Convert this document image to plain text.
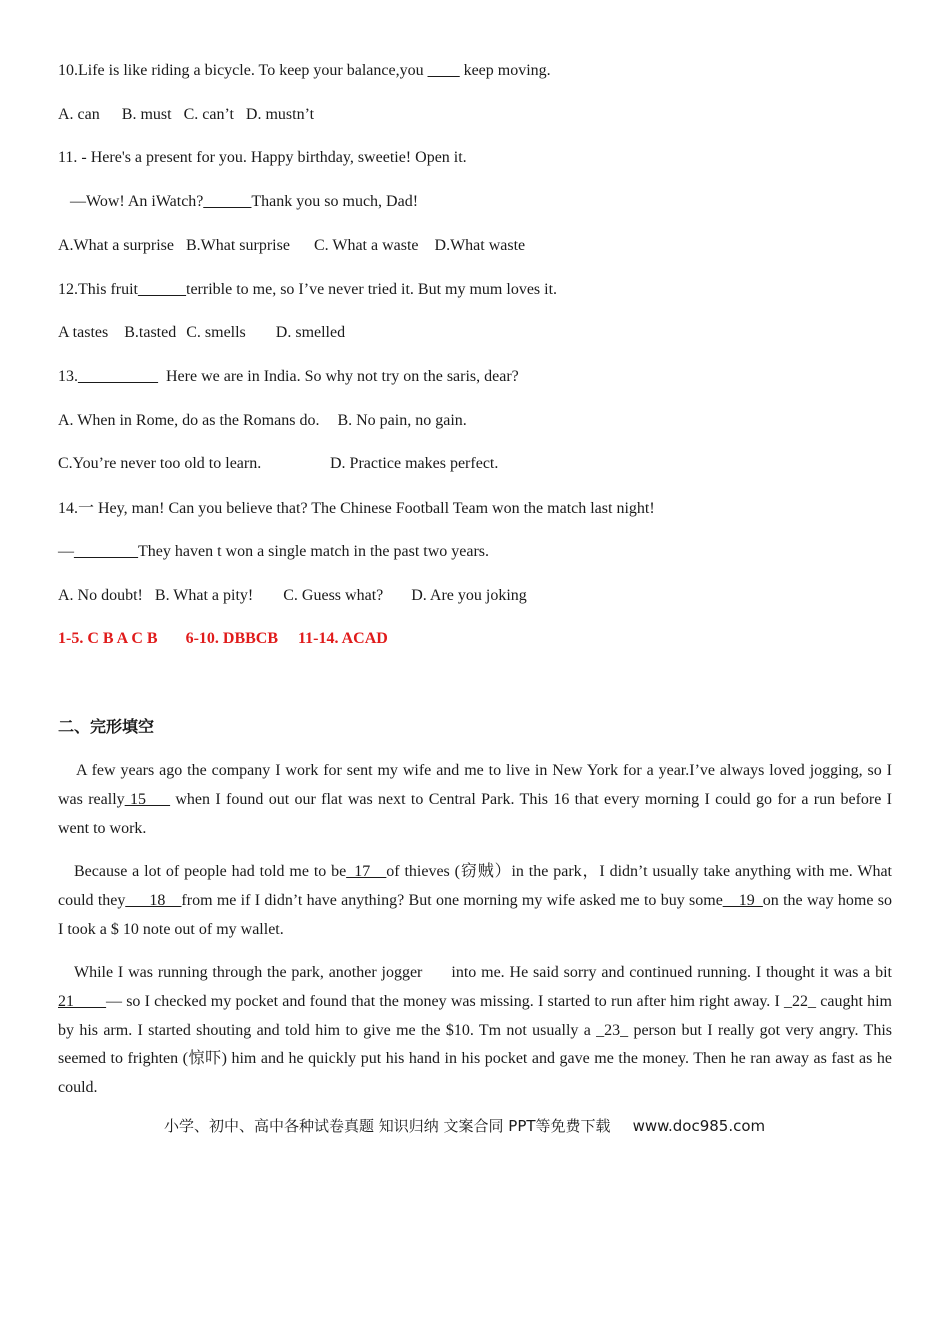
10.Life is like riding a bicycle. To keep your balance,you ____ keep moving.
A. can B. must C. can’t D. mustn’t
11. - Here's a present for you. Happy birthday, sweetie! Open it.
—Wow! An iWatch?______Thank you so much, Dad!
A.What a surprise B.What surprise C. What a waste D.What waste
12.This fruit______terrible to me, so I’ve never tried it. But my mum loves it.
A tastes B.tasted C. smells D. smelled
13.__________  Here we are in India. So why not try on the saris, dear?
A. When in Rome, do as the Romans do. B. No pain, no gain.
C.You’re never too old to learn.	D. Practice makes perfect.
14.一 Hey, man! Can you believe that? The Chinese Football Team won the match last night!
—________They haven t won a single match in the past two years.
A. No doubt! B. What a pity! C. Guess what? D. Are you joking
1-5. C B A C B 6-10. DBBCB 11-14. ACAD
二、完形填空
A few years ago the company I work for sent my wife and me to live in New York for a year.I’ve always loved jogging, so I was really 15___ when I found out our flat was next to Central Park. This 16 that every morning I could go for a run before I went to work.
Because a lot of people had told me to be_17__of thieves (窃贼）in the park，I didn’t usually take anything with me. What could they___18__from me if I didn’t have anything? But one morning my wife asked me to buy some__19_on the way home so I took a $ 10 note out of my wallet.
While I was running through the park, another jogger      into me. He said sorry and continued running. I thought it was a bit 21____— so I checked my pocket and found that the money was missing. I started to run after him right away. I _22_ caught him by his arm. I started shouting and told him to give me the $10. Tm not usually a _23_ person but I really got very angry. This seemed to frighten (惊吓) him and he quickly put his hand in his pocket and gave me the money. Then he ran away as fast as he could.
小学、初中、高中各种试卷真题 知识归纳 文案合同 PPT等免费下载 www.doc985.com
